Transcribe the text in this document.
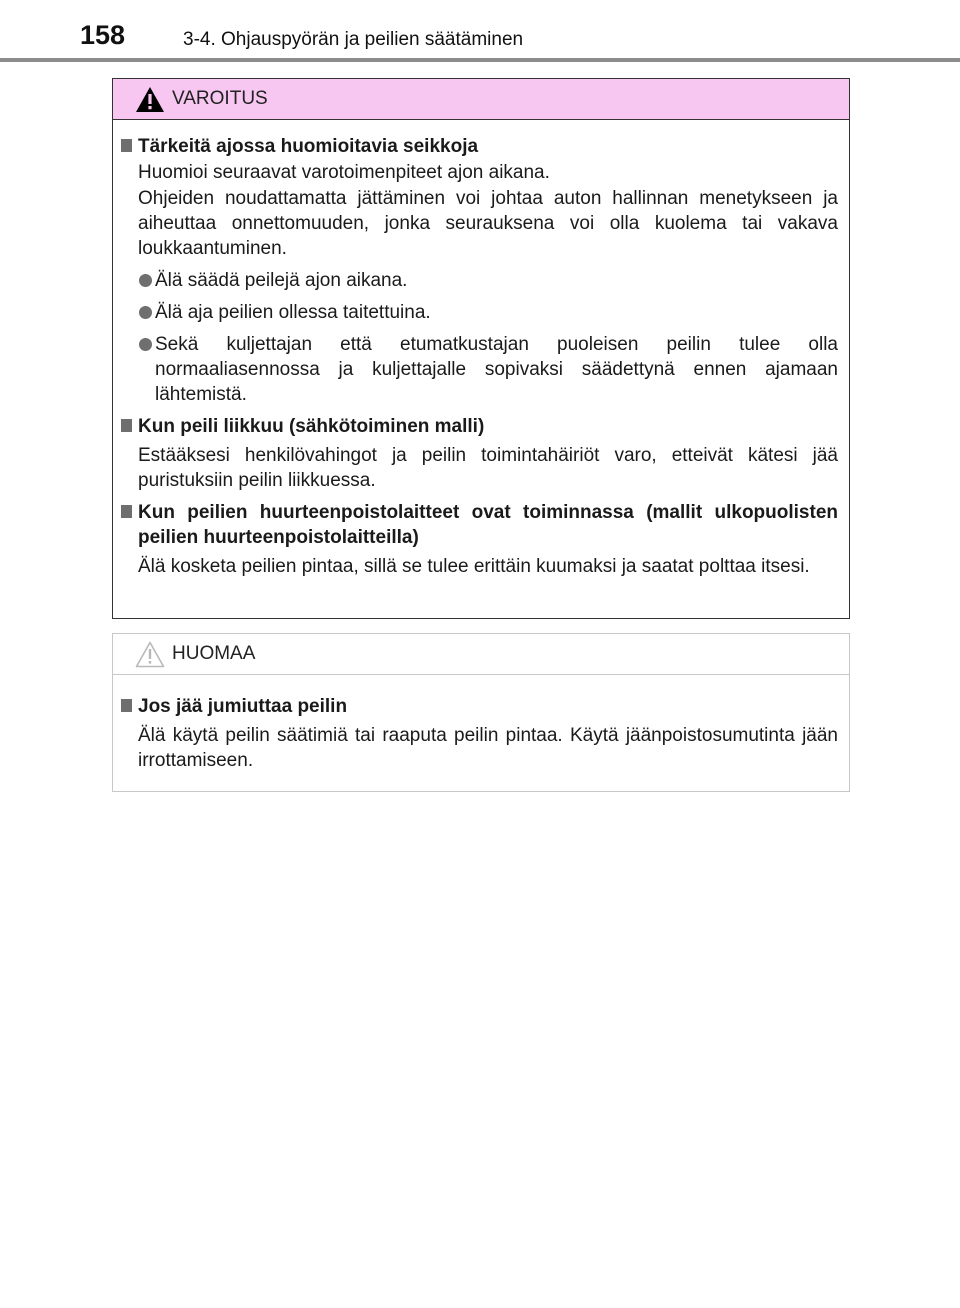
158	3-4. Ohjauspyörän ja peilien säätäminen
VAROITUS

Tärkeitä ajossa huomioitavia seikkoja

Huomioi seuraavat varotoimenpiteet ajon aikana.

Ohjeiden noudattamatta jättäminen voi johtaa auton hallinnan menetykseen ja aiheuttaa onnettomuuden, jonka seurauksena voi olla kuolema tai vakava loukkaantuminen.

Älä säädä peilejä ajon aikana.

Älä aja peilien ollessa taitettuina.

Sekä kuljettajan että etumatkustajan puoleisen peilin tulee olla normaaliasennossa ja kuljettajalle sopivaksi säädettynä ennen ajamaan lähtemistä.

Kun peili liikkuu (sähkötoiminen malli)

Estääksesi henkilövahingot ja peilin toimintahäiriöt varo, etteivät kätesi jää puristuksiin peilin liikkuessa.

Kun peilien huurteenpoistolaitteet ovat toiminnassa (mallit ulkopuolisten peilien huurteenpoistolaitteilla)

Älä kosketa peilien pintaa, sillä se tulee erittäin kuumaksi ja saatat polttaa itsesi.

HUOMAA

Jos jää jumiuttaa peilin

Älä käytä peilin säätimiä tai raaputa peilin pintaa. Käytä jäänpoistosumutinta jään irrottamiseen.
